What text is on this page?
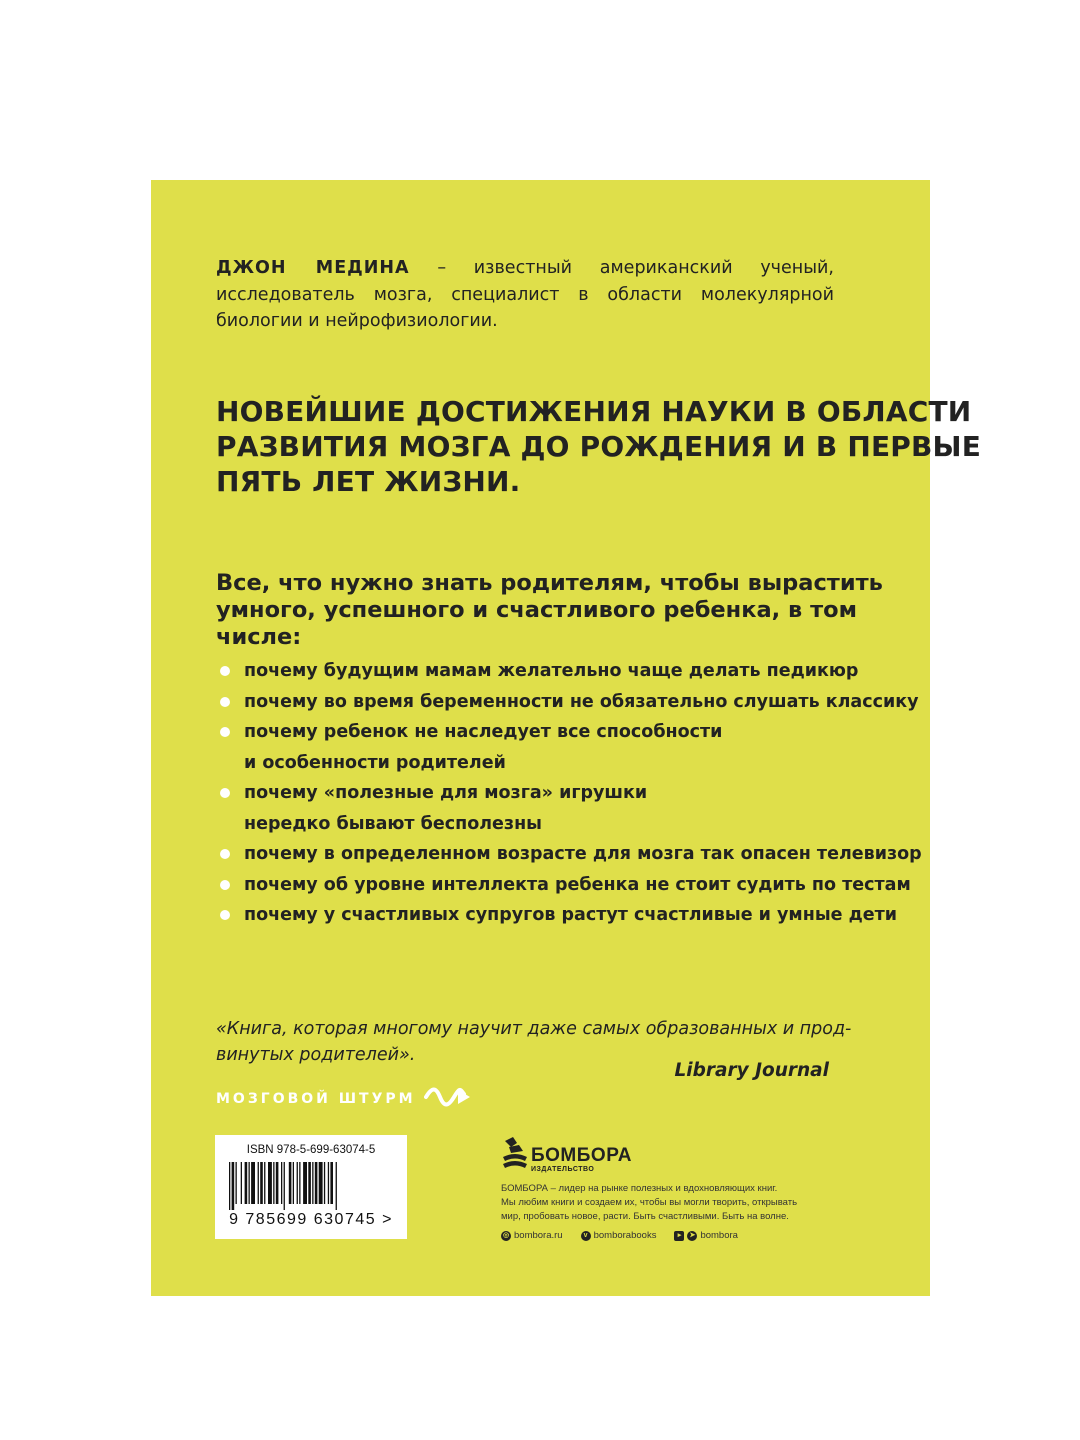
ДЖОН МЕДИНА – известный американский ученый, исследователь мозга, специалист в области молекулярной биологии и нейрофизиологии.
НОВЕЙШИЕ ДОСТИЖЕНИЯ НАУКИ В ОБЛАСТИ
РАЗВИТИЯ МОЗГА ДО РОЖДЕНИЯ И В ПЕРВЫЕ
ПЯТЬ ЛЕТ ЖИЗНИ.
Все, что нужно знать родителям, чтобы вырастить
умного, успешного и счастливого ребенка, в том
числе:
почему будущим мамам желательно чаще делать педикюр
почему во время беременности не обязательно слушать классику
почему ребенок не наследует все способности
и особенности родителей
почему «полезные для мозга» игрушки
нередко бывают бесполезны
почему в определенном возрасте для мозга так опасен телевизор
почему об уровне интеллекта ребенка не стоит судить по тестам
почему у счастливых супругов растут счастливые и умные дети
«Книга, которая многому научит даже самых образованных и прод-
винутых родителей».
Library Journal
МОЗГОВОЙ ШТУРМ
ISBN 978-5-699-63074-5
9 785699 630745 >
БОМБОРА
ИЗДАТЕЛЬСТВО
БОМБОРА – лидер на рынке полезных и вдохновляющих книг.
Мы любим книги и создаем их, чтобы вы могли творить, открывать
мир, пробовать новое, расти. Быть счастливыми. Быть на волне.
◎ bombora.ru	v bomborabooks	▸	➤ bombora
